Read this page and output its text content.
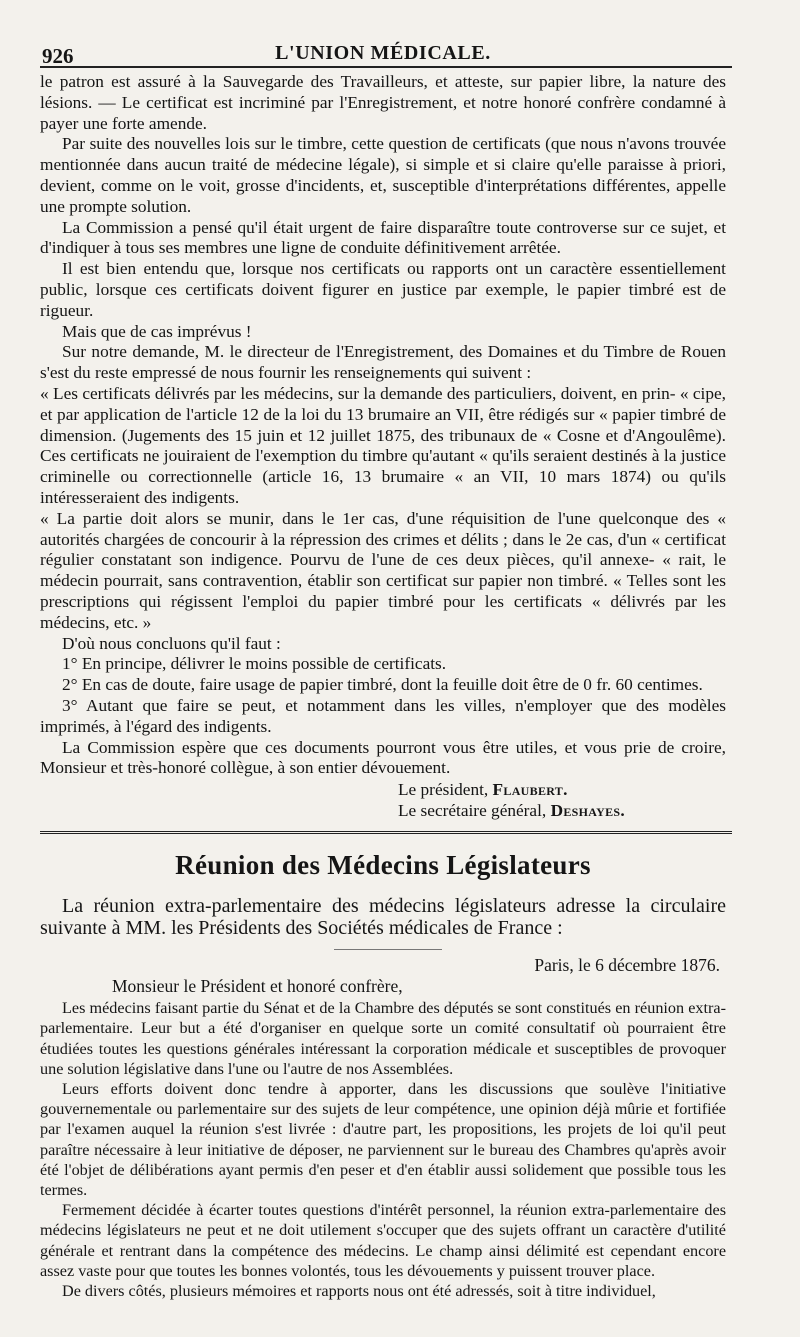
926	L'UNION MÉDICALE.

le patron est assuré à la Sauvegarde des Travailleurs, et atteste, sur papier libre, la nature des lésions. — Le certificat est incriminé par l'Enregistrement, et notre honoré confrère condamné à payer une forte amende.

Par suite des nouvelles lois sur le timbre, cette question de certificats (que nous n'avons trouvée mentionnée dans aucun traité de médecine légale), si simple et si claire qu'elle paraisse à priori, devient, comme on le voit, grosse d'incidents, et, susceptible d'interprétations différentes, appelle une prompte solution.

La Commission a pensé qu'il était urgent de faire disparaître toute controverse sur ce sujet, et d'indiquer à tous ses membres une ligne de conduite définitivement arrêtée.

Il est bien entendu que, lorsque nos certificats ou rapports ont un caractère essentiellement public, lorsque ces certificats doivent figurer en justice par exemple, le papier timbré est de rigueur.

Mais que de cas imprévus !

Sur notre demande, M. le directeur de l'Enregistrement, des Domaines et du Timbre de Rouen s'est du reste empressé de nous fournir les renseignements qui suivent :

« Les certificats délivrés par les médecins, sur la demande des particuliers, doivent, en prin- « cipe, et par application de l'article 12 de la loi du 13 brumaire an VII, être rédigés sur « papier timbré de dimension. (Jugements des 15 juin et 12 juillet 1875, des tribunaux de « Cosne et d'Angoulême). Ces certificats ne jouiraient de l'exemption du timbre qu'autant « qu'ils seraient destinés à la justice criminelle ou correctionnelle (article 16, 13 brumaire « an VII, 10 mars 1874) ou qu'ils intéresseraient des indigents.

« La partie doit alors se munir, dans le 1er cas, d'une réquisition de l'une quelconque des « autorités chargées de concourir à la répression des crimes et délits ; dans le 2e cas, d'un « certificat régulier constatant son indigence. Pourvu de l'une de ces deux pièces, qu'il annexe- « rait, le médecin pourrait, sans contravention, établir son certificat sur papier non timbré. « Telles sont les prescriptions qui régissent l'emploi du papier timbré pour les certificats « délivrés par les médecins, etc. »

D'où nous concluons qu'il faut :

1° En principe, délivrer le moins possible de certificats.

2° En cas de doute, faire usage de papier timbré, dont la feuille doit être de 0 fr. 60 centimes.

3° Autant que faire se peut, et notamment dans les villes, n'employer que des modèles imprimés, à l'égard des indigents.

La Commission espère que ces documents pourront vous être utiles, et vous prie de croire, Monsieur et très-honoré collègue, à son entier dévouement.

Le président, Flaubert.

Le secrétaire général, Deshayes.

Réunion des Médecins Législateurs

La réunion extra-parlementaire des médecins législateurs adresse la circulaire suivante à MM. les Présidents des Sociétés médicales de France :

Paris, le 6 décembre 1876.

Monsieur le Président et honoré confrère,

Les médecins faisant partie du Sénat et de la Chambre des députés se sont constitués en réunion extra-parlementaire. Leur but a été d'organiser en quelque sorte un comité consultatif où pourraient être étudiées toutes les questions générales intéressant la corporation médicale et susceptibles de provoquer une solution législative dans l'une ou l'autre de nos Assemblées.

Leurs efforts doivent donc tendre à apporter, dans les discussions que soulève l'initiative gouvernementale ou parlementaire sur des sujets de leur compétence, une opinion déjà mûrie et fortifiée par l'examen auquel la réunion s'est livrée : d'autre part, les propositions, les projets de loi qu'il peut paraître nécessaire à leur initiative de déposer, ne parviennent sur le bureau des Chambres qu'après avoir été l'objet de délibérations ayant permis d'en peser et d'en établir aussi solidement que possible tous les termes.

Fermement décidée à écarter toutes questions d'intérêt personnel, la réunion extra-parlementaire des médecins législateurs ne peut et ne doit utilement s'occuper que des sujets offrant un caractère d'utilité générale et rentrant dans la compétence des médecins. Le champ ainsi délimité est cependant encore assez vaste pour que toutes les bonnes volontés, tous les dévouements y puissent trouver place.

De divers côtés, plusieurs mémoires et rapports nous ont été adressés, soit à titre individuel,
